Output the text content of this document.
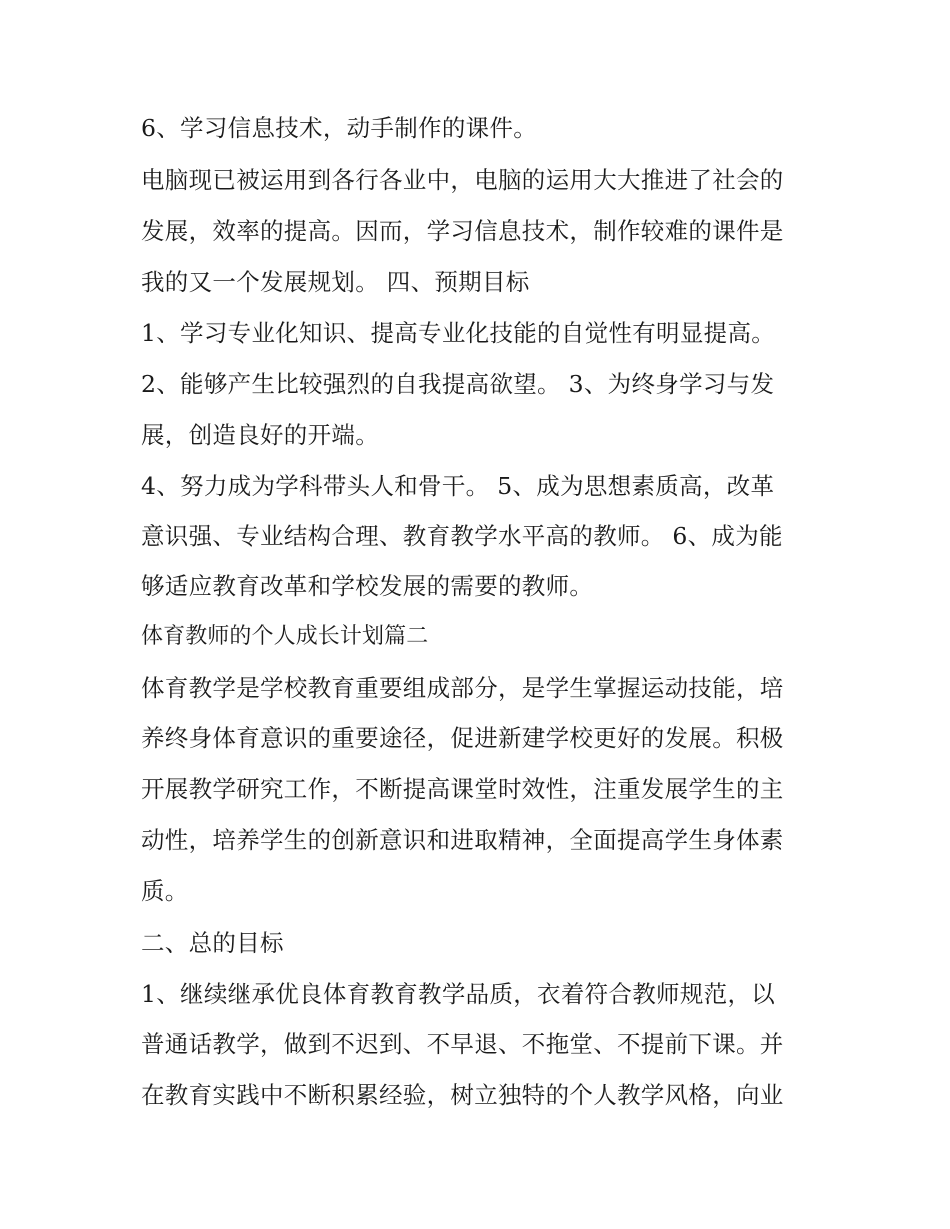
6、学习信息技术，动手制作的课件。
电脑现已被运用到各行各业中，电脑的运用大大推进了社会的
发展，效率的提高。因而，学习信息技术，制作较难的课件是
我的又一个发展规划。 四、预期目标
1、学习专业化知识、提高专业化技能的自觉性有明显提高。
2、能够产生比较强烈的自我提高欲望。 3、为终身学习与发
展，创造良好的开端。
4、努力成为学科带头人和骨干。 5、成为思想素质高，改革
意识强、专业结构合理、教育教学水平高的教师。 6、成为能
够适应教育改革和学校发展的需要的教师。
体育教师的个人成长计划篇二
体育教学是学校教育重要组成部分，是学生掌握运动技能，培
养终身体育意识的重要途径，促进新建学校更好的发展。积极
开展教学研究工作，不断提高课堂时效性，注重发展学生的主
动性，培养学生的创新意识和进取精神，全面提高学生身体素
质。
二、总的目标
1、继续继承优良体育教育教学品质，衣着符合教师规范，以
普通话教学，做到不迟到、不早退、不拖堂、不提前下课。并
在教育实践中不断积累经验，树立独特的个人教学风格，向业
